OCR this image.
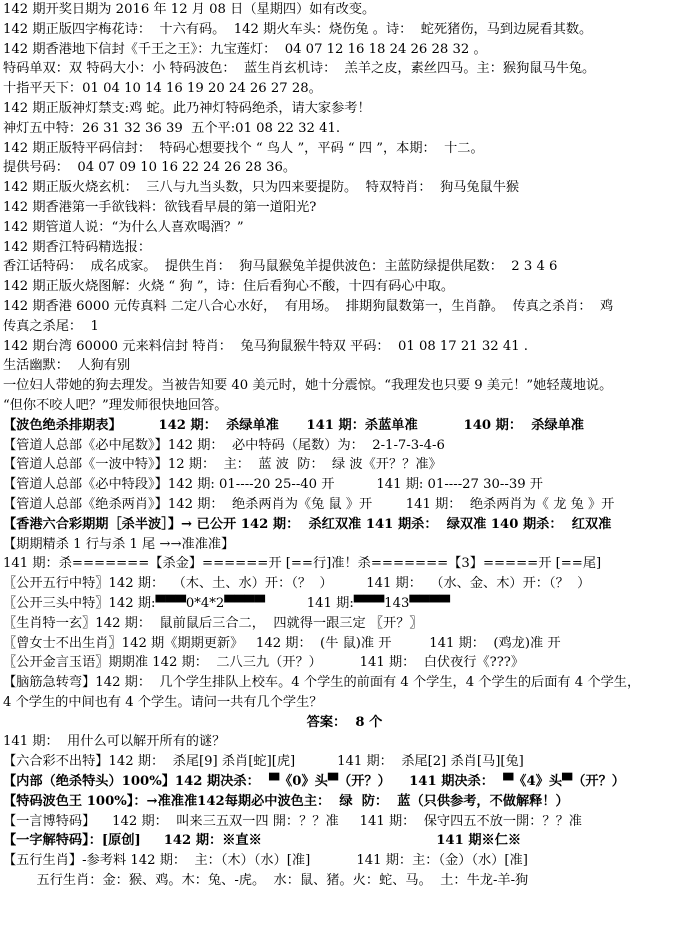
142 期开奖日期为 2016 年 12 月 08 日（星期四）如有改变。
142 期正版四字梅花诗：  十六有码。  142 期火车头：烧伤兔 。诗：  蛇死猪伤，马到边屍看其数。
142 期香港地下信封《千王之王》：九宝莲灯：  04 07 12 16 18 24 26 28 32 。
特码单双：双 特码大小：小 特码波色：  蓝生肖玄机诗：  羔羊之皮，素丝四马。主：猴狗鼠马牛兔。
十指平天下：01 04 10 14 16 19 20 24 26 27 28。
142 期正版神灯禁支:鸡 蛇。此乃神灯特码绝杀，请大家参考！
神灯五中特：26 31 32 36 39  五个平:01 08 22 32 41.
142 期正版特平码信封：  特码心想要找个 “ 鸟人 ”，平码 “ 四 ”，本期：  十二。
提供号码：  04 07 09 10 16 22 24 26 28 36。
142 期正版火烧玄机：  三八与九当头数，只为四来要提防。  特双特肖：  狗马兔鼠牛猴
142 期香港第一手欲钱料：欲钱看早晨的第一道阳光?
142 期管道人说：“为什么人喜欢喝酒？”
142 期香江特码精选报：
香江话特码：  成名成家。  提供生肖：  狗马鼠猴兔羊提供波色：主蓝防绿提供尾数：  2 3 4 6
142 期正版火烧图解：火烧 “ 狗 ”，诗：住后看狗心不酸，十四有码心中取。
142 期香港 6000 元传真料 二定八合心水好，  有用场。  排期狗鼠数第一，生肖静。  传真之杀肖：  鸡
传真之杀尾：  1
142 期台湾 60000 元来料信封 特肖：  兔马狗鼠猴牛特双 平码：  01 08 17 21 32 41 .
生活幽默：  人狗有别
一位妇人带她的狗去理发。当被告知要 40 美元时，她十分震惊。“我理发也只要 9 美元！”她轻蔑地说。
“但你不咬人吧？”理发师很快地回答。
【波色绝杀排期表】        142 期：  杀绿单准      141 期：杀蓝单准          140 期：  杀绿单准
【管道人总部《必中尾数》】142 期：  必中特码（尾数）为：  2-1-7-3-4-6
【管道人总部《一波中特》】12 期：  主：  蓝 波  防：  绿 波《开？？准》
【管道人总部《必中特段》】142 期: 01----20 25--40 开          141 期: 01----27 30--39 开
【管道人总部《绝杀两肖》】142 期：  绝杀两肖为《兔 鼠 》开        141 期：  绝杀两肖为《 龙 兔 》开
【香港六合彩期期［杀半波］】→ 已公开 142 期：  杀红双准 141 期杀：  绿双准 140 期杀：  红双准
【期期精杀 1 行与杀 1 尾 →→准准准】
141 期：杀=======【杀金】======开 [==行]准！杀=======【3】=====开 [==尾]
〖公开五行中特〗142 期：  （木、土、水）开：（？  ）        141 期：  （水、金、木）开：（？  ）
〖公开三头中特〗142 期:▀▀▀0*4*2▀▀▀▀          141 期:▀▀▀143▀▀▀▀
〖生肖特一玄〗142 期：  鼠前鼠后三合二，  四就得一跟三定 〖开？〗
〖曾女士不出生肖〗142 期《期期更新》   142 期：  (牛 鼠)准 开         141 期：  (鸡龙)准 开
〖公开金言玉语〗期期准 142 期：  二八三九（开？）         141 期：  白伏夜行《???》
【脑筋急转弯】142 期：  几个学生排队上校车。4 个学生的前面有 4 个学生，4 个学生的后面有 4 个学生，
4 个学生的中间也有 4 个学生。请问一共有几个学生？
答案：  8 个
141 期：  用什么可以解开所有的谜？
【六合彩不出特】142 期：  杀尾[9] 杀肖[蛇][虎]          141 期：  杀尾[2] 杀肖[马][兔]
【内部（绝杀特头）100%】142 期决杀：  ▀《0》头▀（开？）    141 期决杀：  ▀《4》头▀（开？）
【特码波色王 100%】：→准准准142每期必中波色主：  绿  防：  蓝（只供参考，不做解释！）
【一言博特码】    142 期：  叫来三五双一四 開：？？准     141 期：  保守四五不放一開：？？准
【一字解特码】：[原创]     142 期：※直※                                      141 期※仁※
【五行生肖】-参考料 142 期：  主：（木）（水）[准]           141 期：主：（金）（水）[准]
五行生肖：金：猴、鸡。木：兔、-虎。  水：鼠、猪。火：蛇、马。  土：牛龙-羊-狗
